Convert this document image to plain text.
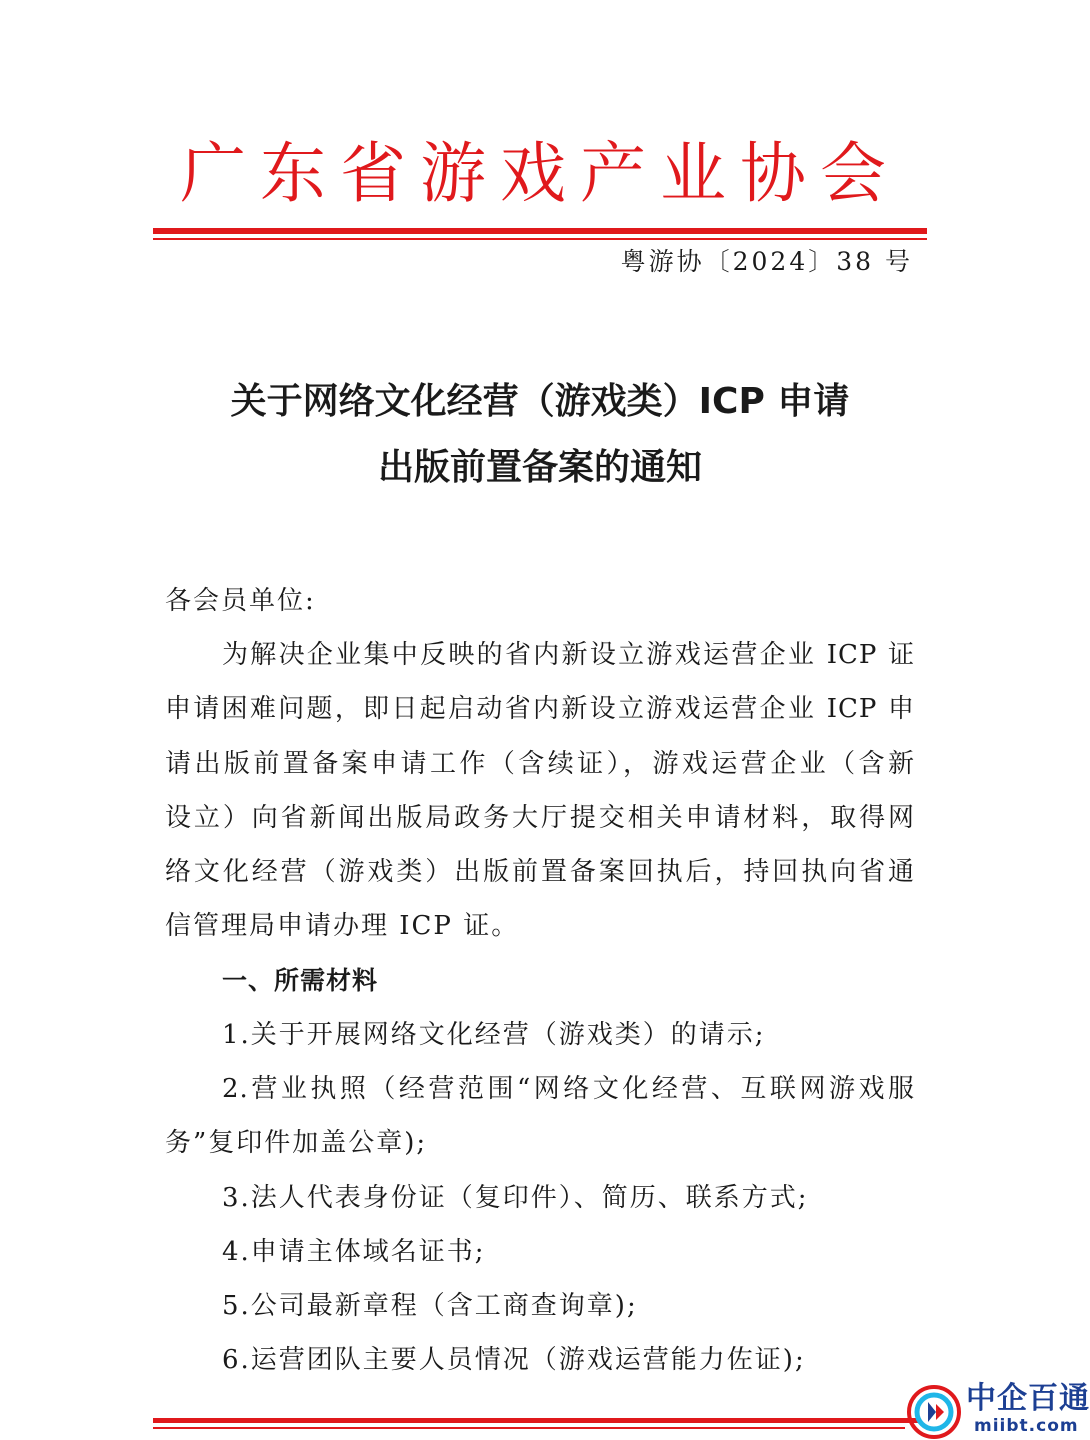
广东省游戏产业协会
粤游协〔2024〕38 号
关于网络文化经营（游戏类）ICP 申请
出版前置备案的通知
各会员单位:
为解决企业集中反映的省内新设立游戏运营企业 ICP 证
申请困难问题，即日起启动省内新设立游戏运营企业 ICP 申
请出版前置备案申请工作（含续证），游戏运营企业（含新
设立）向省新闻出版局政务大厅提交相关申请材料，取得网
络文化经营（游戏类）出版前置备案回执后，持回执向省通
信管理局申请办理 ICP 证。
一、所需材料
1.关于开展网络文化经营（游戏类）的请示;
2.营业执照（经营范围“网络文化经营、互联网游戏服
务”复印件加盖公章);
3.法人代表身份证（复印件）、简历、联系方式;
4.申请主体域名证书;
5.公司最新章程（含工商查询章);
6.运营团队主要人员情况（游戏运营能力佐证);
中企百通
miibt.com
